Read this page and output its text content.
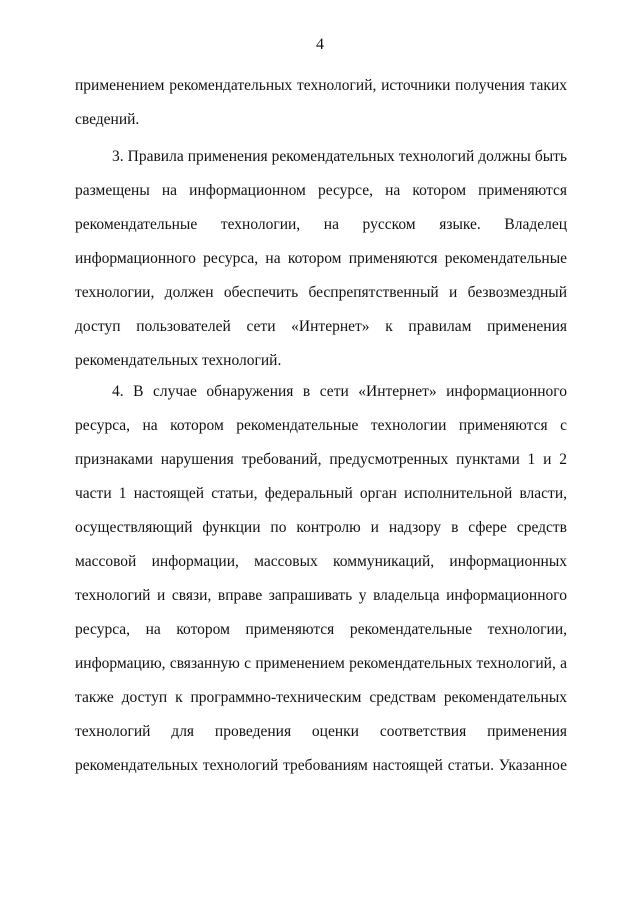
4
применением рекомендательных технологий, источники получения таких
сведений.
3. Правила применения рекомендательных технологий должны быть
размещены на информационном ресурсе, на котором применяются
рекомендательные технологии, на русском языке. Владелец
информационного ресурса, на котором применяются рекомендательные
технологии, должен обеспечить беспрепятственный и безвозмездный
доступ пользователей сети «Интернет» к правилам применения
рекомендательных технологий.
4. В случае обнаружения в сети «Интернет» информационного
ресурса, на котором рекомендательные технологии применяются с
признаками нарушения требований, предусмотренных пунктами 1 и 2
части 1 настоящей статьи, федеральный орган исполнительной власти,
осуществляющий функции по контролю и надзору в сфере средств
массовой информации, массовых коммуникаций, информационных
технологий и связи, вправе запрашивать у владельца информационного
ресурса, на котором применяются рекомендательные технологии,
информацию, связанную с применением рекомендательных технологий, а
также доступ к программно-техническим средствам рекомендательных
технологий для проведения оценки соответствия применения
рекомендательных технологий требованиям настоящей статьи. Указанное
